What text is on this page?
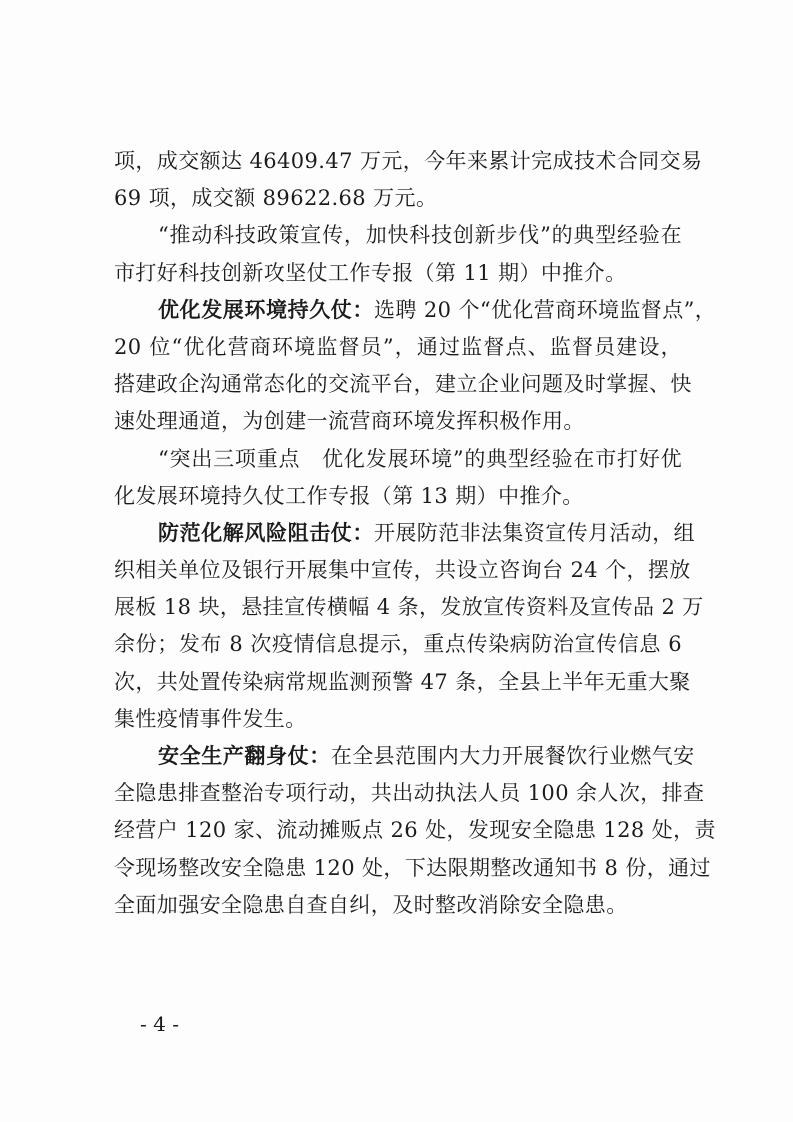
项，成交额达 46409.47 万元，今年来累计完成技术合同交易
69 项，成交额 89622.68 万元。
“推动科技政策宣传，加快科技创新步伐”的典型经验在
市打好科技创新攻坚仗工作专报（第 11 期）中推介。
优化发展环境持久仗：选聘 20 个“优化营商环境监督点”，
20 位“优化营商环境监督员”，通过监督点、监督员建设，
搭建政企沟通常态化的交流平台，建立企业问题及时掌握、快
速处理通道，为创建一流营商环境发挥积极作用。
“突出三项重点　优化发展环境”的典型经验在市打好优
化发展环境持久仗工作专报（第 13 期）中推介。
防范化解风险阻击仗：开展防范非法集资宣传月活动，组
织相关单位及银行开展集中宣传，共设立咨询台 24 个，摆放
展板 18 块，悬挂宣传横幅 4 条，发放宣传资料及宣传品 2 万
余份；发布 8 次疫情信息提示，重点传染病防治宣传信息 6
次，共处置传染病常规监测预警 47 条，全县上半年无重大聚
集性疫情事件发生。
安全生产翻身仗：在全县范围内大力开展餐饮行业燃气安
全隐患排查整治专项行动，共出动执法人员 100 余人次，排查
经营户 120 家、流动摊贩点 26 处，发现安全隐患 128 处，责
令现场整改安全隐患 120 处，下达限期整改通知书 8 份，通过
全面加强安全隐患自查自纠，及时整改消除安全隐患。
- 4 -
